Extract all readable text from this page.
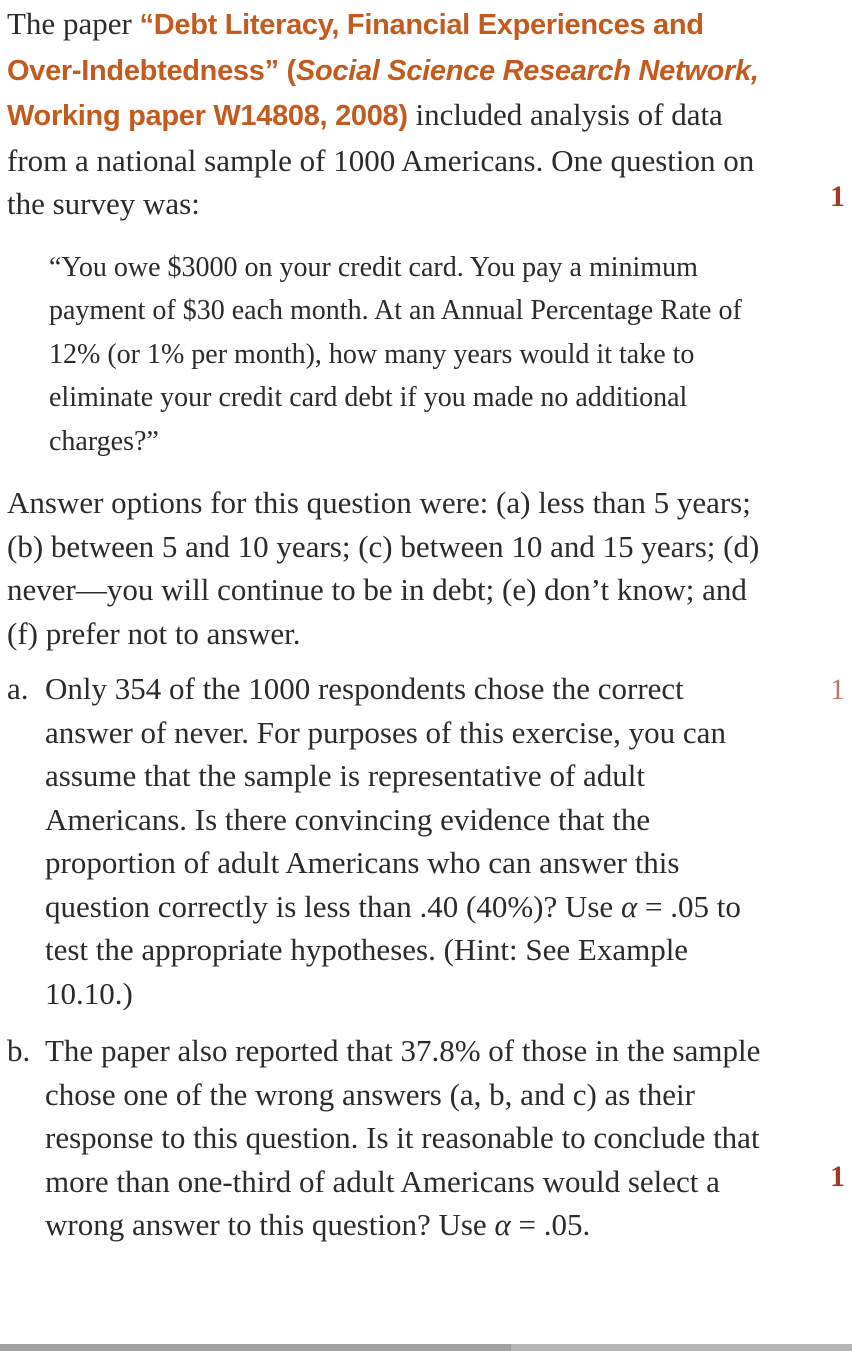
The paper “Debt Literacy, Financial Experiences and Over-Indebtedness” (Social Science Research Network, Working paper W14808, 2008) included analysis of data from a national sample of 1000 Americans. One question on the survey was:

“You owe $3000 on your credit card. You pay a minimum payment of $30 each month. At an Annual Percentage Rate of 12% (or 1% per month), how many years would it take to eliminate your credit card debt if you made no additional charges?”

Answer options for this question were: (a) less than 5 years; (b) between 5 and 10 years; (c) between 10 and 15 years; (d) never—you will continue to be in debt; (e) don’t know; and (f) prefer not to answer.

a. Only 354 of the 1000 respondents chose the correct answer of never. For purposes of this exercise, you can assume that the sample is representative of adult Americans. Is there convincing evidence that the proportion of adult Americans who can answer this question correctly is less than .40 (40%)? Use α = .05 to test the appropriate hypotheses. (Hint: See Example 10.10.)
b. The paper also reported that 37.8% of those in the sample chose one of the wrong answers (a, b, and c) as their response to this question. Is it reasonable to conclude that more than one-third of adult Americans would select a wrong answer to this question? Use α = .05.
1
1
1
